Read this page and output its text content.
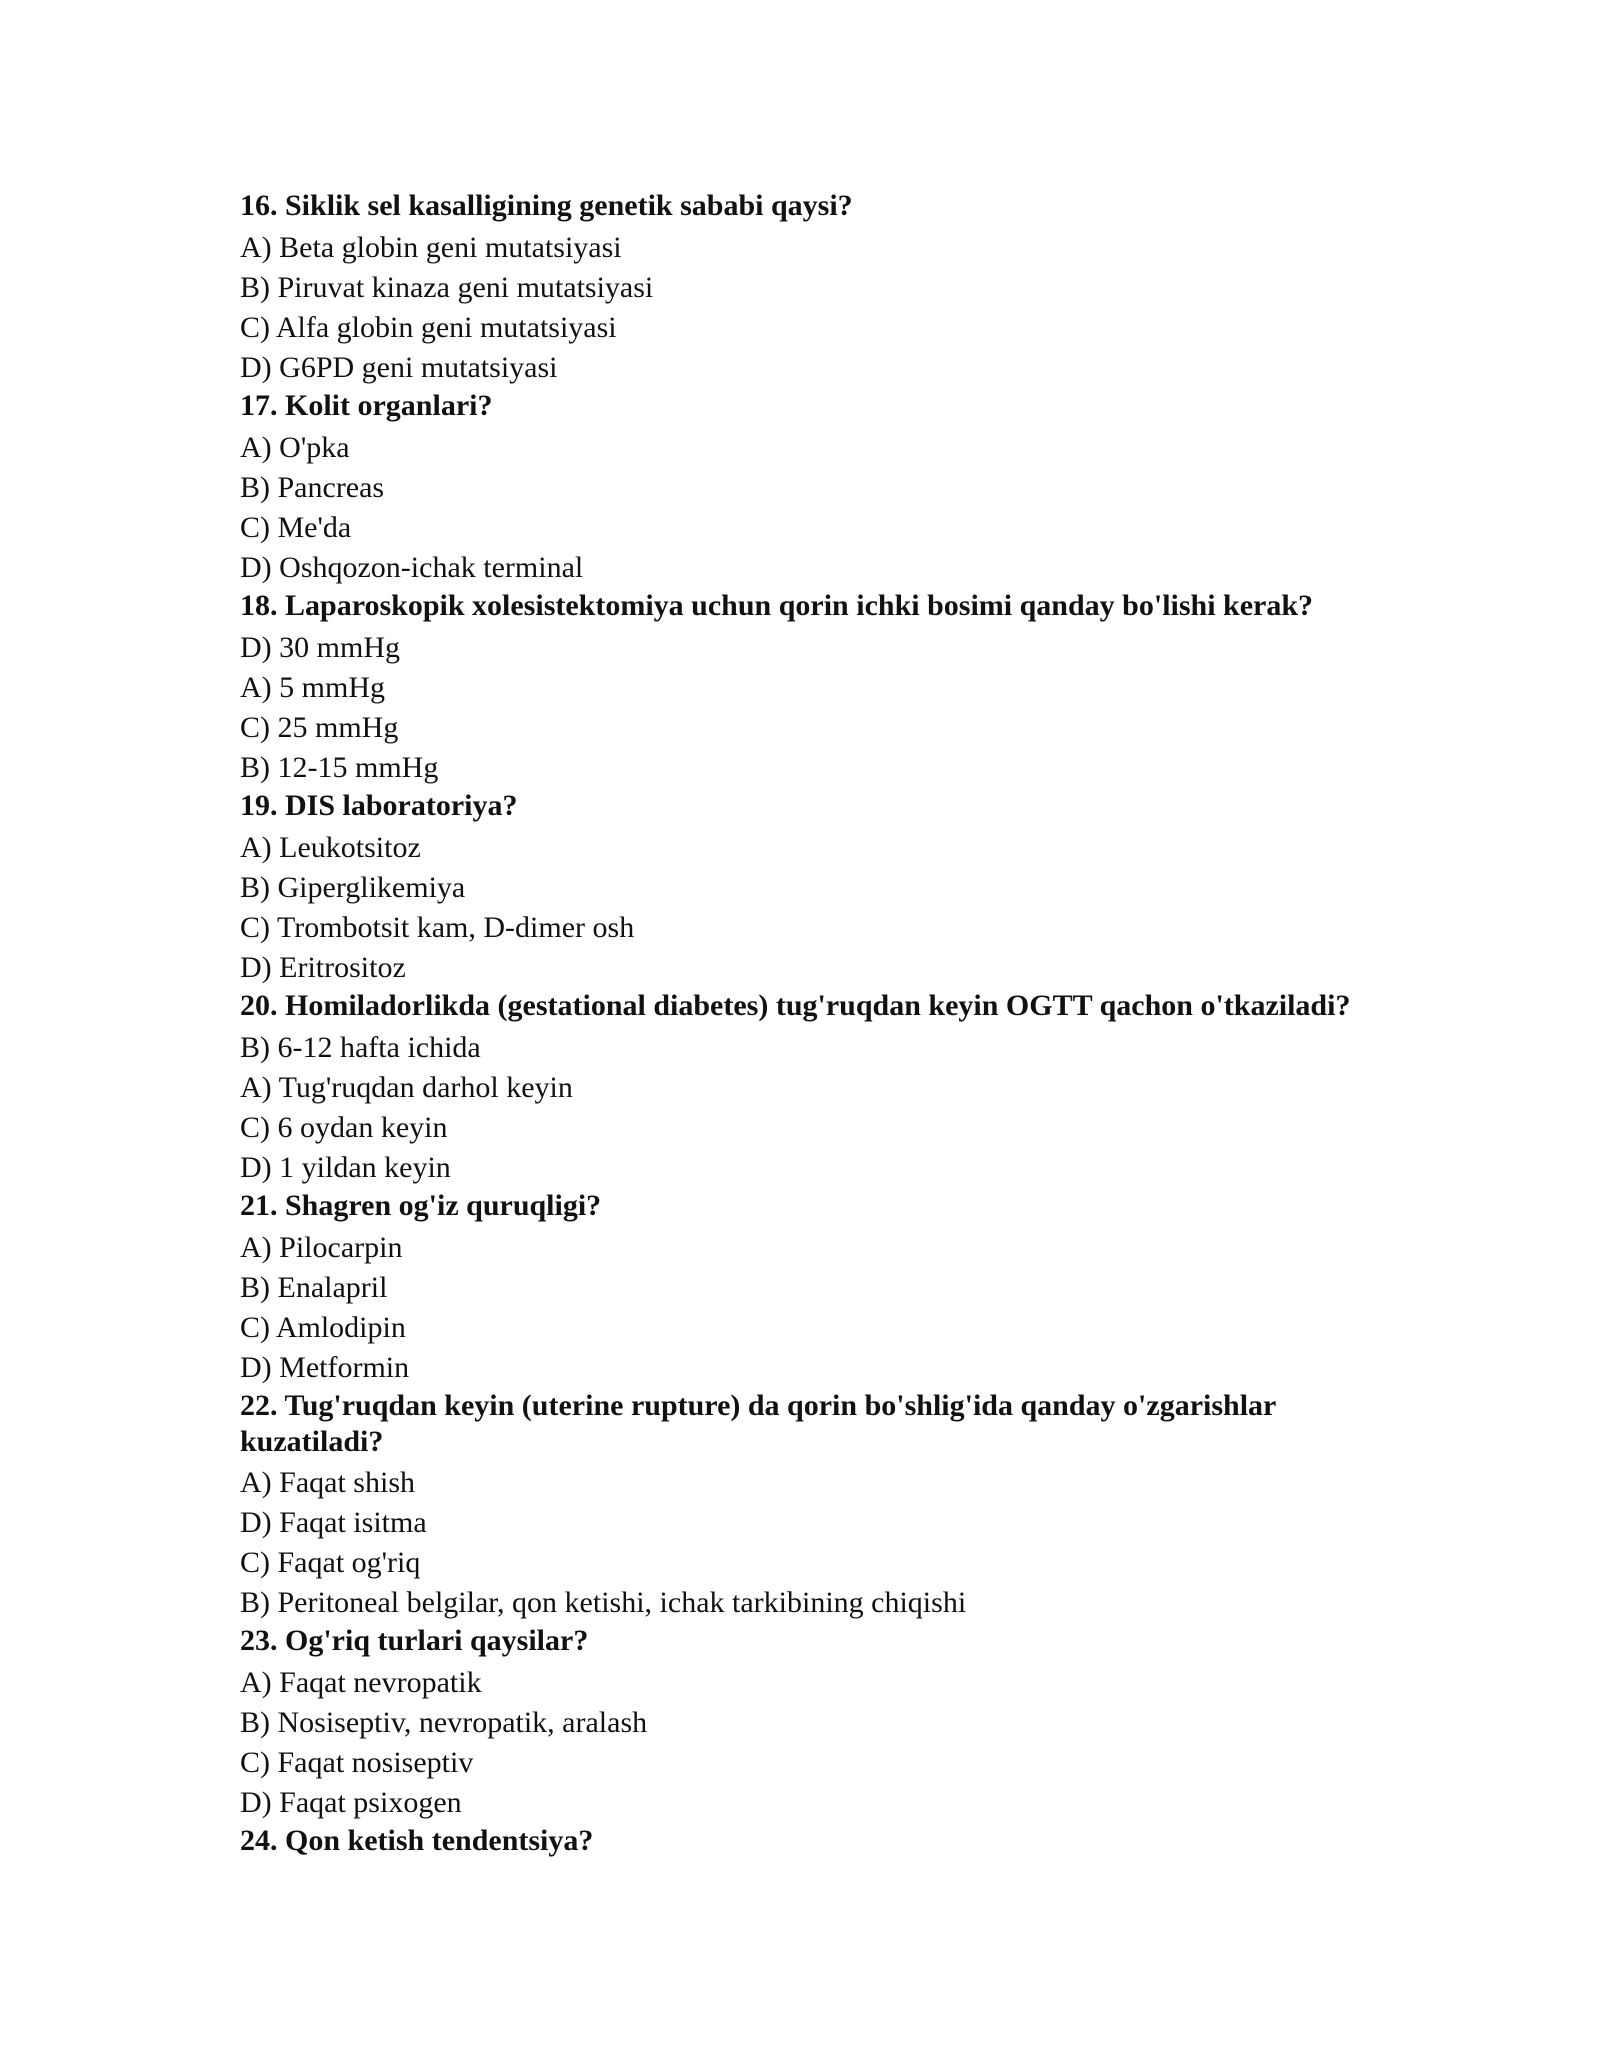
16. Siklik sel kasalligining genetik sababi qaysi?

A) Beta globin geni mutatsiyasi

B) Piruvat kinaza geni mutatsiyasi

C) Alfa globin geni mutatsiyasi

D) G6PD geni mutatsiyasi

17. Kolit organlari?

A) O'pka

B) Pancreas

C) Me'da

D) Oshqozon-ichak terminal

18. Laparoskopik xolesistektomiya uchun qorin ichki bosimi qanday bo'lishi kerak?

D) 30 mmHg

A) 5 mmHg

C) 25 mmHg

B) 12-15 mmHg

19. DIS laboratoriya?

A) Leukotsitoz

B) Giperglikemiya

C) Trombotsit kam, D-dimer osh

D) Eritrositoz

20. Homiladorlikda (gestational diabetes) tug'ruqdan keyin OGTT qachon o'tkaziladi?

B) 6-12 hafta ichida

A) Tug'ruqdan darhol keyin

C) 6 oydan keyin

D) 1 yildan keyin

21. Shagren og'iz quruqligi?

A) Pilocarpin

B) Enalapril

C) Amlodipin

D) Metformin

22. Tug'ruqdan keyin (uterine rupture) da qorin bo'shlig'ida qanday o'zgarishlar kuzatiladi?

A) Faqat shish

D) Faqat isitma

C) Faqat og'riq

B) Peritoneal belgilar, qon ketishi, ichak tarkibining chiqishi

23. Og'riq turlari qaysilar?

A) Faqat nevropatik

B) Nosiseptiv, nevropatik, aralash

C) Faqat nosiseptiv

D) Faqat psixogen

24. Qon ketish tendentsiya?
